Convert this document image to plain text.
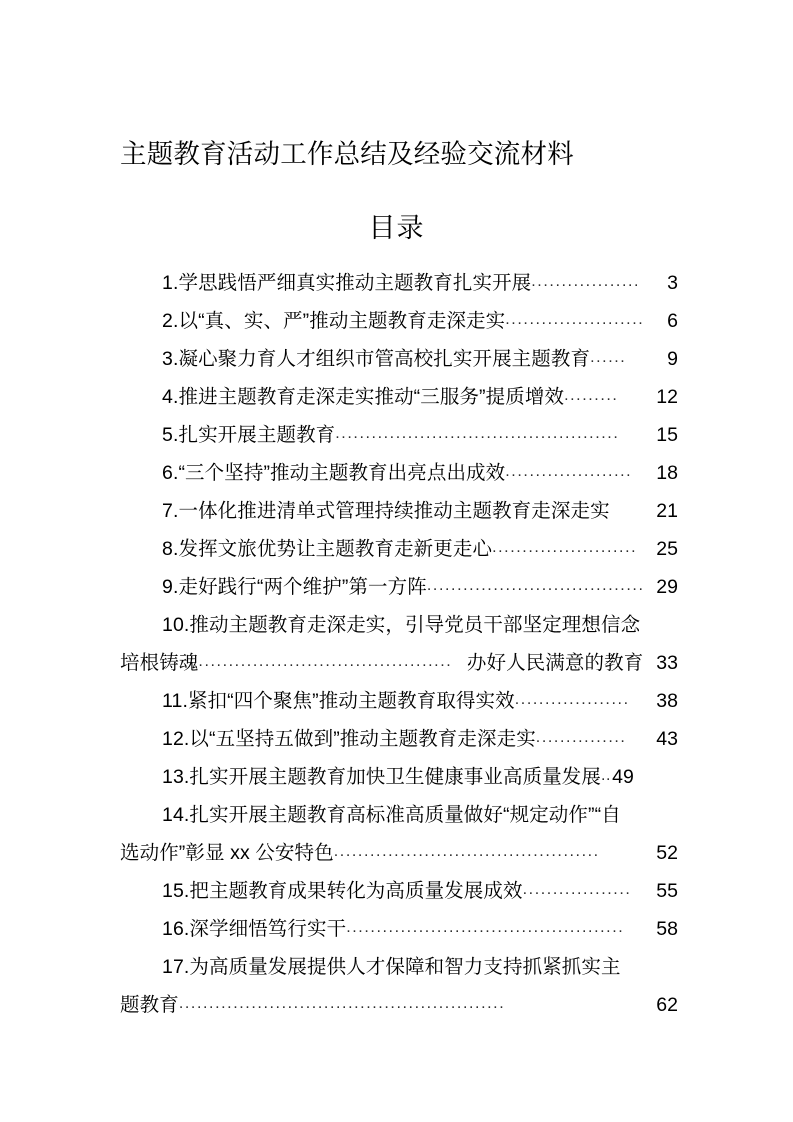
主题教育活动工作总结及经验交流材料
目录
1.学思践悟严细真实推动主题教育扎实开展 ..................	3
2.以“真、实、严”推动主题教育走深走实 .......................	6
3.凝心聚力育人才组织市管高校扎实开展主题教育 ......	9
4.推进主题教育走深走实推动“三服务”提质增效 .........	12
5.扎实开展主题教育 ...............................................	15
6.“三个坚持”推动主题教育出亮点出成效 .....................	18
7.一体化推进清单式管理持续推动主题教育走深走实 21
8.发挥文旅优势让主题教育走新更走心 ........................ 25
9.走好践行“两个维护”第一方阵 .................................... 29
10.推动主题教育走深走实，引导党员干部坚定理想信念
培根铸魂 .......................................... 办好人民满意的教育 33
11.紧扣“四个聚焦”推动主题教育取得实效 ...................	38
12.以“五坚持五做到”推动主题教育走深走实 ...............	43
13.扎实开展主题教育加快卫生健康事业高质量发展 .. 49
14.扎实开展主题教育高标准高质量做好“规定动作”“自
选动作”彰显 xx 公安特色 ............................................	52
15.把主题教育成果转化为高质量发展成效 ..................	55
16.深学细悟笃行实干 ..............................................	58
17.为高质量发展提供人才保障和智力支持抓紧抓实主
题教育 ......................................................	62
